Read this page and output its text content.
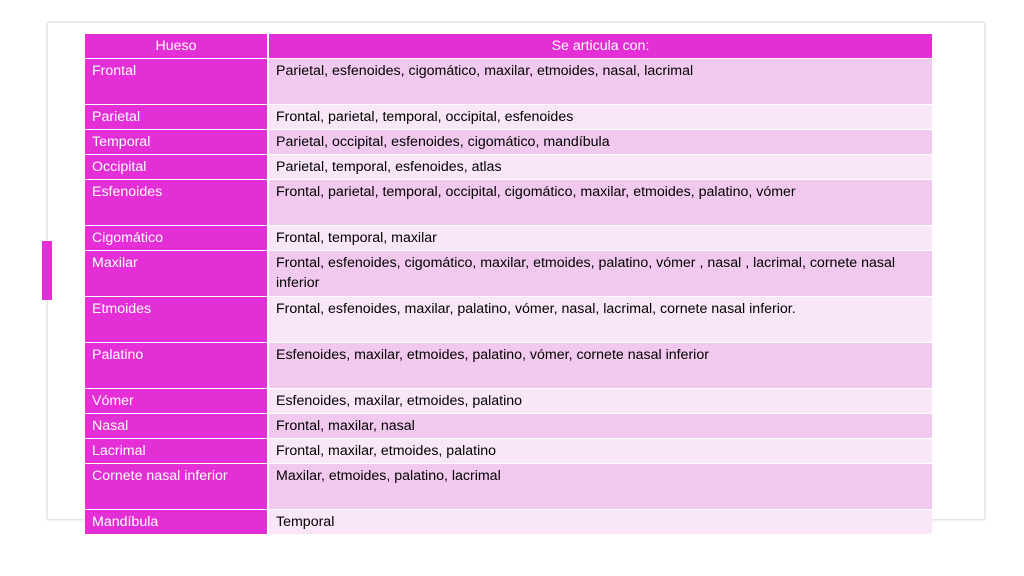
Hueso	Se articula con:
Frontal	Parietal, esfenoides, cigomático, maxilar, etmoides, nasal, lacrimal
Parietal	Frontal, parietal, temporal, occipital, esfenoides
Temporal	Parietal, occipital, esfenoides, cigomático, mandíbula
Occipital	Parietal, temporal, esfenoides, atlas
Esfenoides	Frontal, parietal, temporal, occipital, cigomático, maxilar, etmoides, palatino, vómer
Cigomático	Frontal, temporal, maxilar
Maxilar	Frontal, esfenoides, cigomático, maxilar, etmoides, palatino, vómer , nasal , lacrimal, cornete nasal inferior
Etmoides	Frontal, esfenoides, maxilar, palatino, vómer, nasal, lacrimal, cornete nasal inferior.
Palatino	Esfenoides, maxilar, etmoides, palatino, vómer, cornete nasal inferior
Vómer	Esfenoides, maxilar, etmoides, palatino
Nasal	Frontal, maxilar, nasal
Lacrimal	Frontal, maxilar, etmoides, palatino
Cornete nasal inferior	Maxilar, etmoides, palatino, lacrimal
Mandíbula	Temporal
